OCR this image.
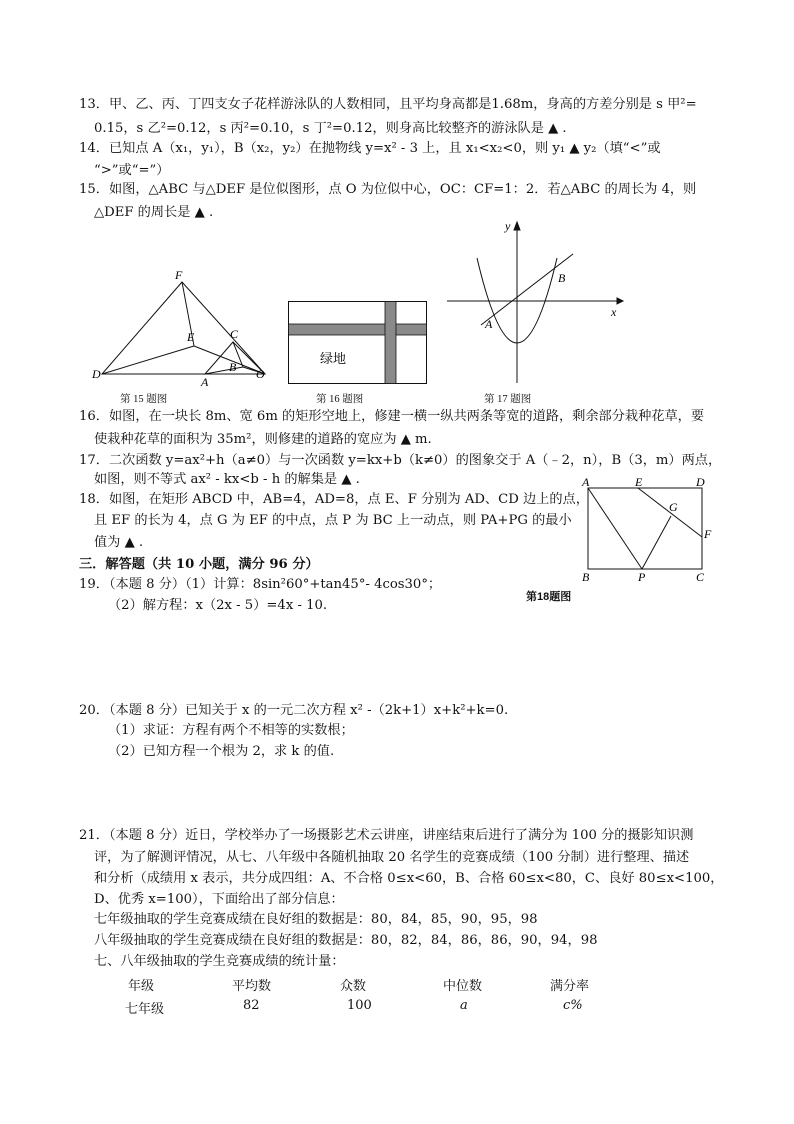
13．甲、乙、丙、丁四支女子花样游泳队的人数相同，且平均身高都是1.68m，身高的方差分别是 s 甲²=
0.15，s 乙²=0.12，s 丙²=0.10，s 丁²=0.12，则身高比较整齐的游泳队是 ▲ .
14．已知点 A（x₁，y₁），B（x₂，y₂）在抛物线 y=x² - 3 上，且 x₁<x₂<0，则 y₁ ▲ y₂（填“<”或
“>”或“=”）
15．如图，△ABC 与△DEF 是位似图形，点 O 为位似中心，OC：CF=1：2．若△ABC 的周长为 4，则
△DEF 的周长是 ▲ .
F
E	C
B
D
A
O
第 15 题图
绿地
第 16 题图
y
x
A
B
第 17 题图
16．如图，在一块长 8m、宽 6m 的矩形空地上，修建一横一纵共两条等宽的道路，剩余部分栽种花草，要
使栽种花草的面积为 35m²，则修建的道路的宽应为 ▲ m.
17．二次函数 y=ax²+h（a≠0）与一次函数 y=kx+b（k≠0）的图象交于 A（﹣2，n），B（3，m）两点，
如图，则不等式 ax² - kx<b - h 的解集是 ▲ .
18．如图，在矩形 ABCD 中，AB=4，AD=8，点 E、F 分别为 AD、CD 边上的点，
且 EF 的长为 4，点 G 为 EF 的中点，点 P 为 BC 上一动点，则 PA+PG 的最小
值为 ▲ .
A	E	D
G
F
B	P	C
第18题图
三．解答题（共 10 小题，满分 96 分）
19．（本题 8 分）（1）计算：8sin²60°+tan45°- 4cos30°；
（2）解方程：x（2x - 5）=4x - 10.
20．（本题 8 分）已知关于 x 的一元二次方程 x² -（2k+1）x+k²+k=0.
（1）求证：方程有两个不相等的实数根；
（2）已知方程一个根为 2，求 k 的值.
21．（本题 8 分）近日，学校举办了一场摄影艺术云讲座，讲座结束后进行了满分为 100 分的摄影知识测
评，为了解测评情况，从七、八年级中各随机抽取 20 名学生的竞赛成绩（100 分制）进行整理、描述
和分析（成绩用 x 表示，共分成四组：A、不合格 0≤x<60，B、合格 60≤x<80，C、良好 80≤x<100，
D、优秀 x=100），下面给出了部分信息：
七年级抽取的学生竞赛成绩在良好组的数据是：80，84，85，90，95，98
八年级抽取的学生竞赛成绩在良好组的数据是：80，82，84，86，86，90，94，98
七、八年级抽取的学生竞赛成绩的统计量：
年级	平均数	众数	中位数	满分率
七年级	82	100	a	c%
